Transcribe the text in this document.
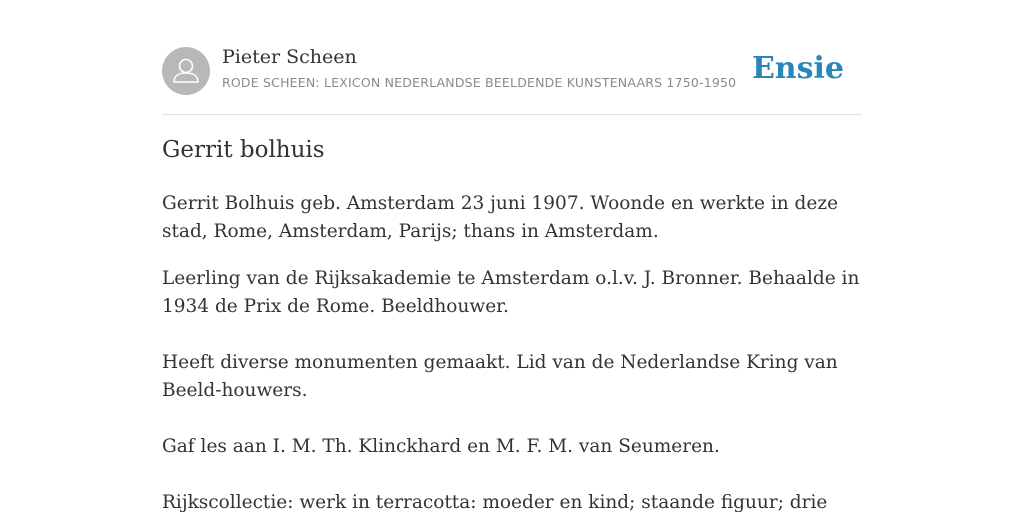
Pieter Scheen
RODE SCHEEN: LEXICON NEDERLANDSE BEELDENDE KUNSTENAARS 1750-1950 Ensie
Gerrit bolhuis

Gerrit Bolhuis geb. Amsterdam 23 juni 1907. Woonde en werkte in deze stad, Rome, Amsterdam, Parijs; thans in Amsterdam.

Leerling van de Rijksakademie te Amsterdam o.l.v. J. Bronner. Behaalde in 1934 de Prix de Rome. Beeldhouwer.

Heeft diverse monumenten gemaakt. Lid van de Nederlandse Kring van Beeld-houwers.

Gaf les aan I. M. Th. Klinckhard en M. F. M. van Seumeren.

Rijkscollectie: werk in terracotta: moeder en kind; staande figuur; drie
